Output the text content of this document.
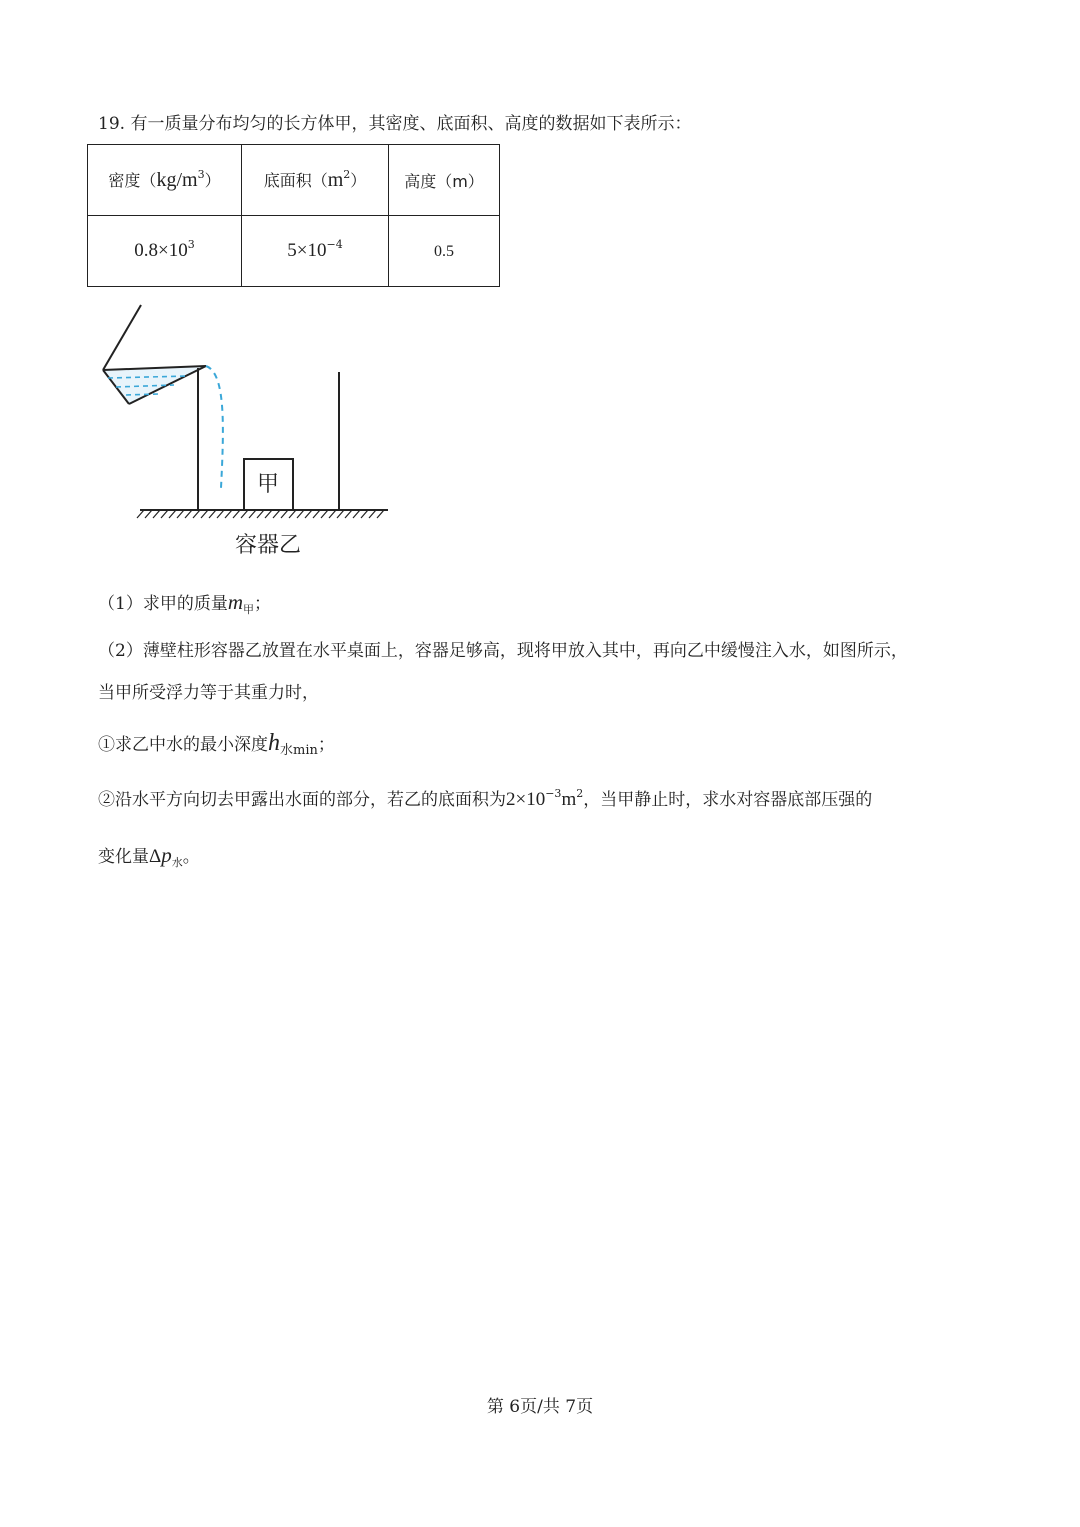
19. 有一质量分布均匀的长方体甲，其密度、底面积、高度的数据如下表所示：
密度$(kg/m^3)$	底面积$(m^2)$	高度（m）
$0.8\times 10^3$	$5\times 10^{-4}$	0.5
甲
容器乙
（1）求甲的质量$m_甲$；
（2）薄壁柱形容器乙放置在水平桌面上，容器足够高，现将甲放入其中，再向乙中缓慢注入水，如图所示，
当甲所受浮力等于其重力时，
①求乙中水的最小深度$h_{水min}$；
②沿水平方向切去甲露出水面的部分，若乙的底面积为$2\times 10^{-3}m^2$，当甲静止时，求水对容器底部压强的
变化量$\Delta p_水$。
第 6页/共 7页
